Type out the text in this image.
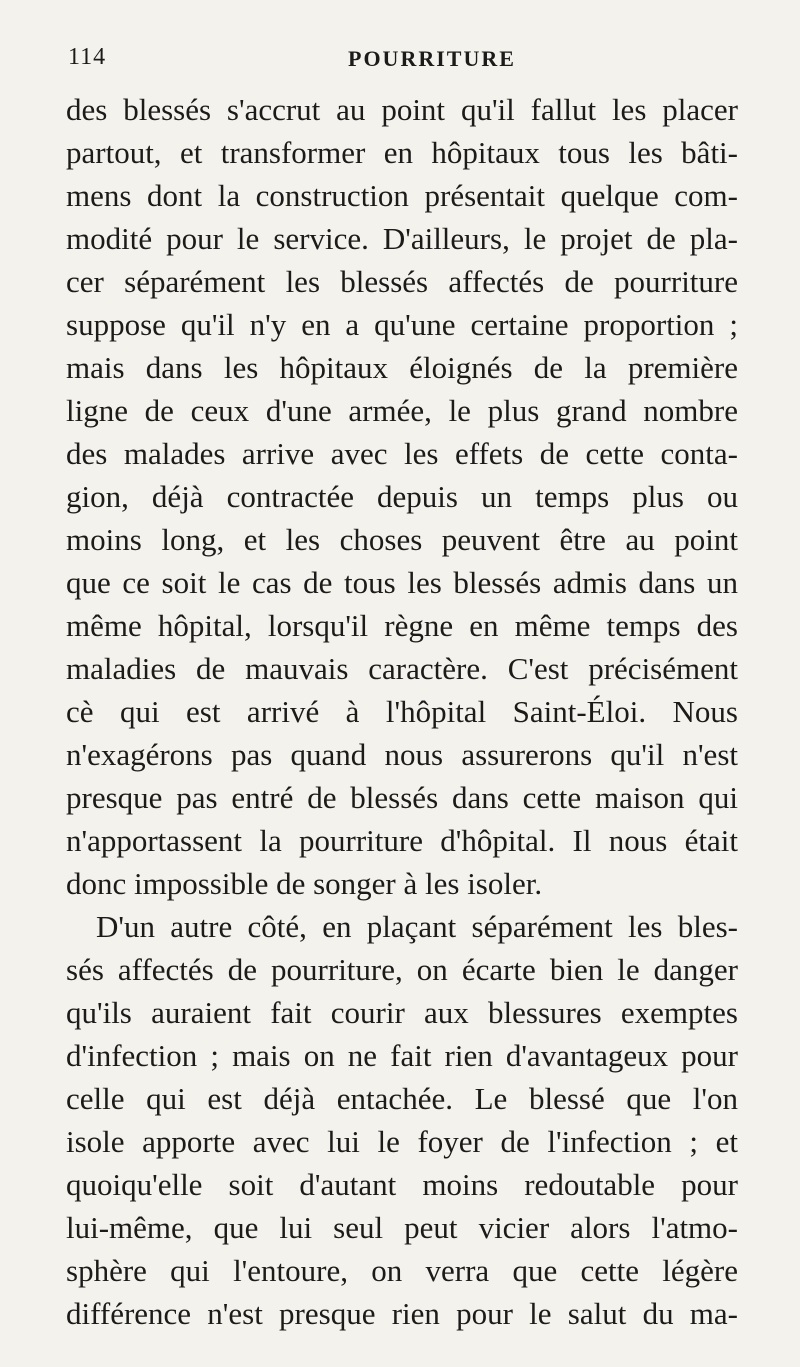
114	POURRITURE
des blessés s'accrut au point qu'il fallut les placer
partout, et transformer en hôpitaux tous les bâti-
mens dont la construction présentait quelque com-
modité pour le service. D'ailleurs, le projet de pla-
cer séparément les blessés affectés de pourriture
suppose qu'il n'y en a qu'une certaine proportion ;
mais dans les hôpitaux éloignés de la première
ligne de ceux d'une armée, le plus grand nombre
des malades arrive avec les effets de cette conta-
gion, déjà contractée depuis un temps plus ou
moins long, et les choses peuvent être au point
que ce soit le cas de tous les blessés admis dans un
même hôpital, lorsqu'il règne en même temps des
maladies de mauvais caractère. C'est précisément
cè qui est arrivé à l'hôpital Saint-Éloi. Nous
n'exagérons pas quand nous assurerons qu'il n'est
presque pas entré de blessés dans cette maison qui
n'apportassent la pourriture d'hôpital. Il nous était
donc impossible de songer à les isoler.
D'un autre côté, en plaçant séparément les bles-
sés affectés de pourriture, on écarte bien le danger
qu'ils auraient fait courir aux blessures exemptes
d'infection ; mais on ne fait rien d'avantageux pour
celle qui est déjà entachée. Le blessé que l'on
isole apporte avec lui le foyer de l'infection ; et
quoiqu'elle soit d'autant moins redoutable pour
lui-même, que lui seul peut vicier alors l'atmo-
sphère qui l'entoure, on verra que cette légère
différence n'est presque rien pour le salut du ma-
